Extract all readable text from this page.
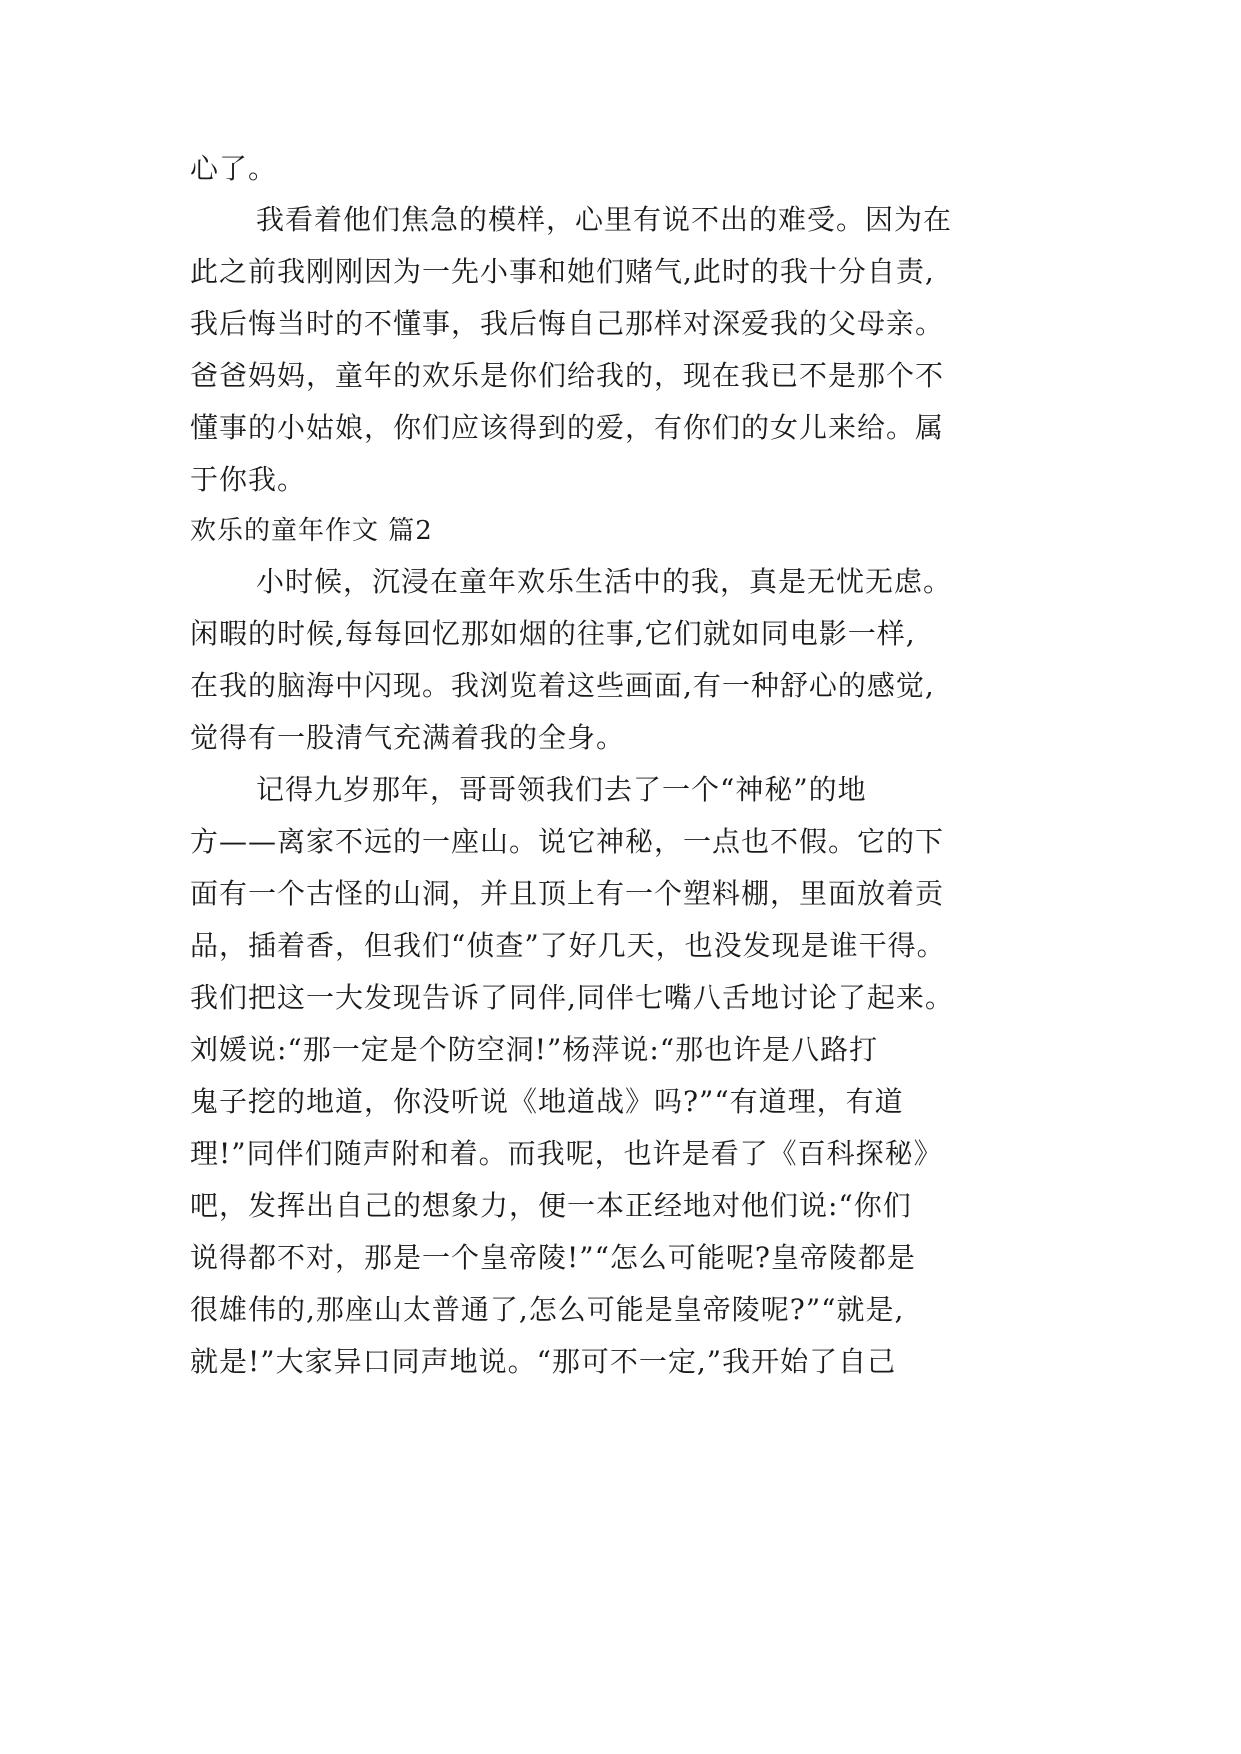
心了。
我看着他们焦急的模样，心里有说不出的难受。因为在
此之前我刚刚因为一先小事和她们赌气,此时的我十分自责,
我后悔当时的不懂事，我后悔自己那样对深爱我的父母亲。
爸爸妈妈，童年的欢乐是你们给我的，现在我已不是那个不
懂事的小姑娘，你们应该得到的爱，有你们的女儿来给。属
于你我。
欢乐的童年作文 篇2
小时候，沉浸在童年欢乐生活中的我，真是无忧无虑。
闲暇的时候,每每回忆那如烟的往事,它们就如同电影一样,
在我的脑海中闪现。我浏览着这些画面,有一种舒心的感觉,
觉得有一股清气充满着我的全身。
记得九岁那年，哥哥领我们去了一个“神秘”的地
方——离家不远的一座山。说它神秘，一点也不假。它的下
面有一个古怪的山洞，并且顶上有一个塑料棚，里面放着贡
品，插着香，但我们“侦查”了好几天，也没发现是谁干得。
我们把这一大发现告诉了同伴,同伴七嘴八舌地讨论了起来。
刘媛说:“那一定是个防空洞!”杨萍说:“那也许是八路打
鬼子挖的地道，你没听说《地道战》吗?”“有道理，有道
理!”同伴们随声附和着。而我呢，也许是看了《百科探秘》
吧，发挥出自己的想象力，便一本正经地对他们说:“你们
说得都不对，那是一个皇帝陵!”“怎么可能呢?皇帝陵都是
很雄伟的,那座山太普通了,怎么可能是皇帝陵呢?”“就是,
就是!”大家异口同声地说。“那可不一定,”我开始了自己
